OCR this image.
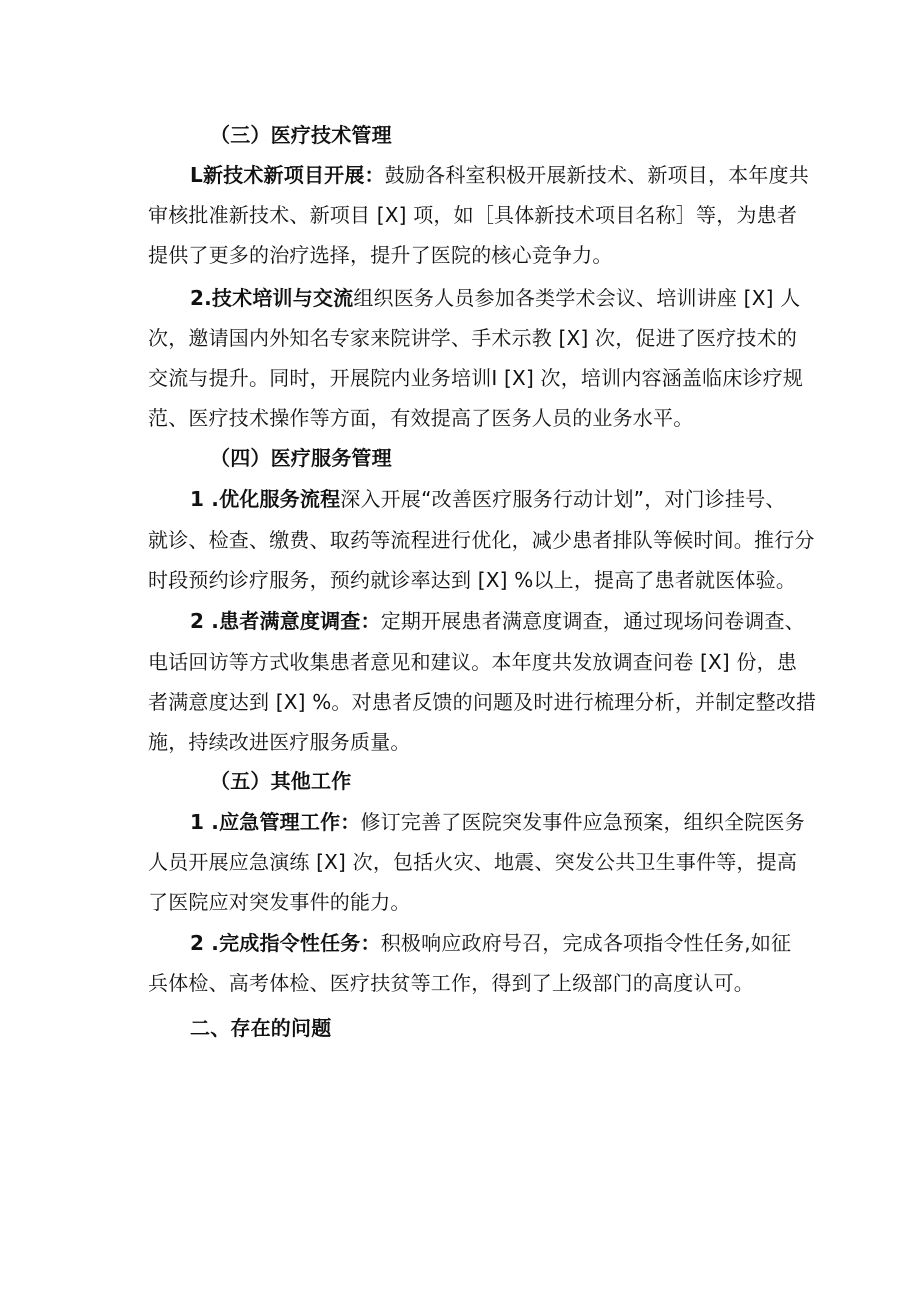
（三）医疗技术管理
L新技术新项目开展：鼓励各科室积极开展新技术、新项目，本年度共
审核批准新技术、新项目 [X] 项，如［具体新技术项目名称］等，为患者
提供了更多的治疗选择，提升了医院的核心竞争力。
2.技术培训与交流组织医务人员参加各类学术会议、培训讲座 [X] 人
次，邀请国内外知名专家来院讲学、手术示教 [X] 次，促进了医疗技术的
交流与提升。同时，开展院内业务培训I [X] 次，培训内容涵盖临床诊疗规
范、医疗技术操作等方面，有效提高了医务人员的业务水平。
（四）医疗服务管理
1 .优化服务流程深入开展“改善医疗服务行动计划”，对门诊挂号、
就诊、检查、缴费、取药等流程进行优化，减少患者排队等候时间。推行分
时段预约诊疗服务，预约就诊率达到 [X] %以上，提高了患者就医体验。
2 .患者满意度调查：定期开展患者满意度调查，通过现场问卷调查、
电话回访等方式收集患者意见和建议。本年度共发放调查问卷 [X] 份，患
者满意度达到 [X] %。对患者反馈的问题及时进行梳理分析，并制定整改措
施，持续改进医疗服务质量。
（五）其他工作
1 .应急管理工作：修订完善了医院突发事件应急预案，组织全院医务
人员开展应急演练 [X] 次，包括火灾、地震、突发公共卫生事件等，提高
了医院应对突发事件的能力。
2 .完成指令性任务：积极响应政府号召，完成各项指令性任务,如征
兵体检、高考体检、医疗扶贫等工作，得到了上级部门的高度认可。
二、存在的问题
